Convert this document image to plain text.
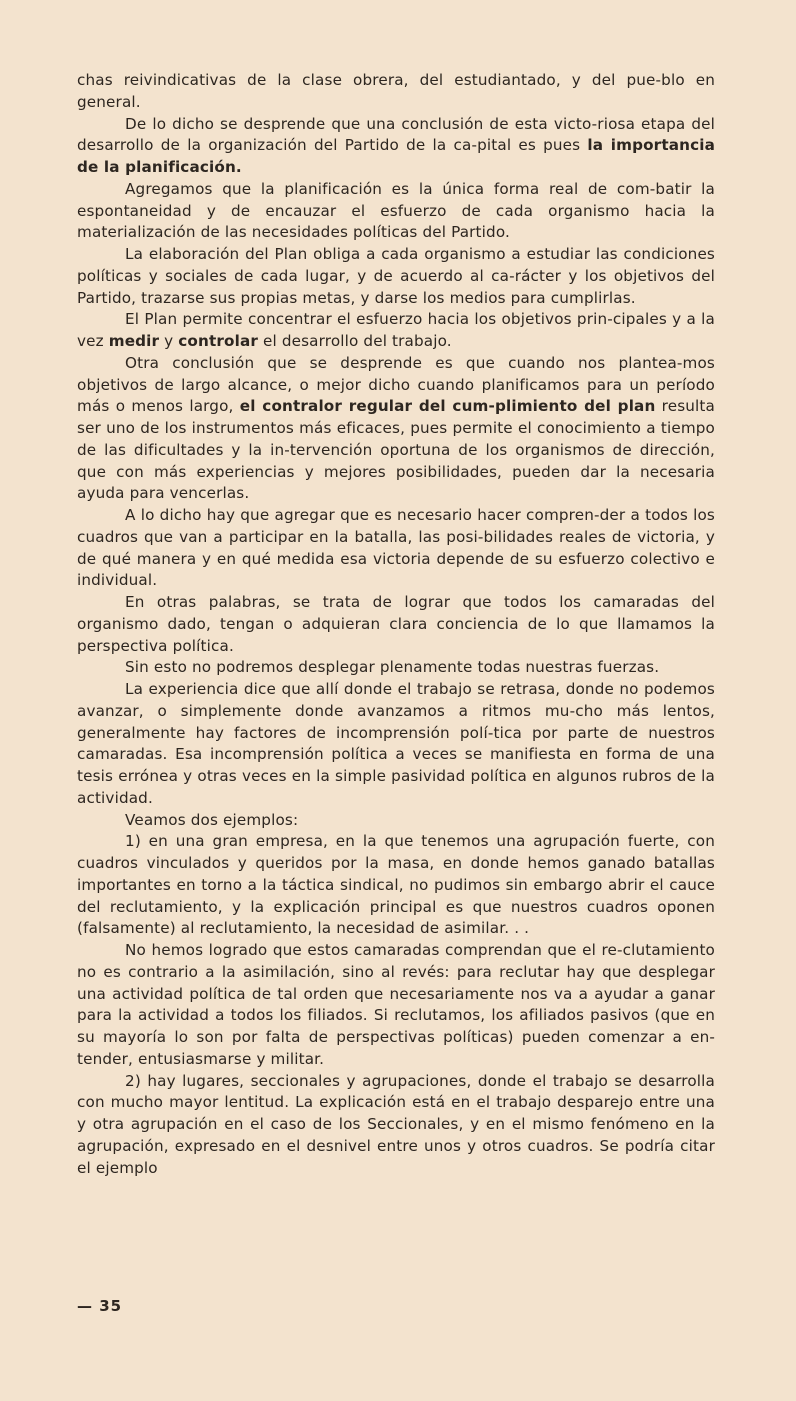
chas reivindicativas de la clase obrera, del estudiantado, y del pue-blo en general.

De lo dicho se desprende que una conclusión de esta victo-riosa etapa del desarrollo de la organización del Partido de la ca-pital es pues la importancia de la planificación.

Agregamos que la planificación es la única forma real de com-batir la espontaneidad y de encauzar el esfuerzo de cada organismo hacia la materialización de las necesidades políticas del Partido.

La elaboración del Plan obliga a cada organismo a estudiar las condiciones políticas y sociales de cada lugar, y de acuerdo al ca-rácter y los objetivos del Partido, trazarse sus propias metas, y darse los medios para cumplirlas.

El Plan permite concentrar el esfuerzo hacia los objetivos prin-cipales y a la vez medir y controlar el desarrollo del trabajo.

Otra conclusión que se desprende es que cuando nos plantea-mos objetivos de largo alcance, o mejor dicho cuando planificamos para un período más o menos largo, el contralor regular del cum-plimiento del plan resulta ser uno de los instrumentos más eficaces, pues permite el conocimiento a tiempo de las dificultades y la in-tervención oportuna de los organismos de dirección, que con más experiencias y mejores posibilidades, pueden dar la necesaria ayuda para vencerlas.

A lo dicho hay que agregar que es necesario hacer compren-der a todos los cuadros que van a participar en la batalla, las posi-bilidades reales de victoria, y de qué manera y en qué medida esa victoria depende de su esfuerzo colectivo e individual.

En otras palabras, se trata de lograr que todos los camaradas del organismo dado, tengan o adquieran clara conciencia de lo que llamamos la perspectiva política.

Sin esto no podremos desplegar plenamente todas nuestras fuerzas.

La experiencia dice que allí donde el trabajo se retrasa, donde no podemos avanzar, o simplemente donde avanzamos a ritmos mu-cho más lentos, generalmente hay factores de incomprensión polí-tica por parte de nuestros camaradas. Esa incomprensión política a veces se manifiesta en forma de una tesis errónea y otras veces en la simple pasividad política en algunos rubros de la actividad.

Veamos dos ejemplos:

1) en una gran empresa, en la que tenemos una agrupación fuerte, con cuadros vinculados y queridos por la masa, en donde hemos ganado batallas importantes en torno a la táctica sindical, no pudimos sin embargo abrir el cauce del reclutamiento, y la explicación principal es que nuestros cuadros oponen (falsamente) al reclutamiento, la necesidad de asimilar. . .

No hemos logrado que estos camaradas comprendan que el re-clutamiento no es contrario a la asimilación, sino al revés: para reclutar hay que desplegar una actividad política de tal orden que necesariamente nos va a ayudar a ganar para la actividad a todos los filiados. Si reclutamos, los afiliados pasivos (que en su mayoría lo son por falta de perspectivas políticas) pueden comenzar a en-tender, entusiasmarse y militar.

2) hay lugares, seccionales y agrupaciones, donde el trabajo se desarrolla con mucho mayor lentitud. La explicación está en el trabajo desparejo entre una y otra agrupación en el caso de los Seccionales, y en el mismo fenómeno en la agrupación, expresado en el desnivel entre unos y otros cuadros. Se podría citar el ejemplo

— 35
